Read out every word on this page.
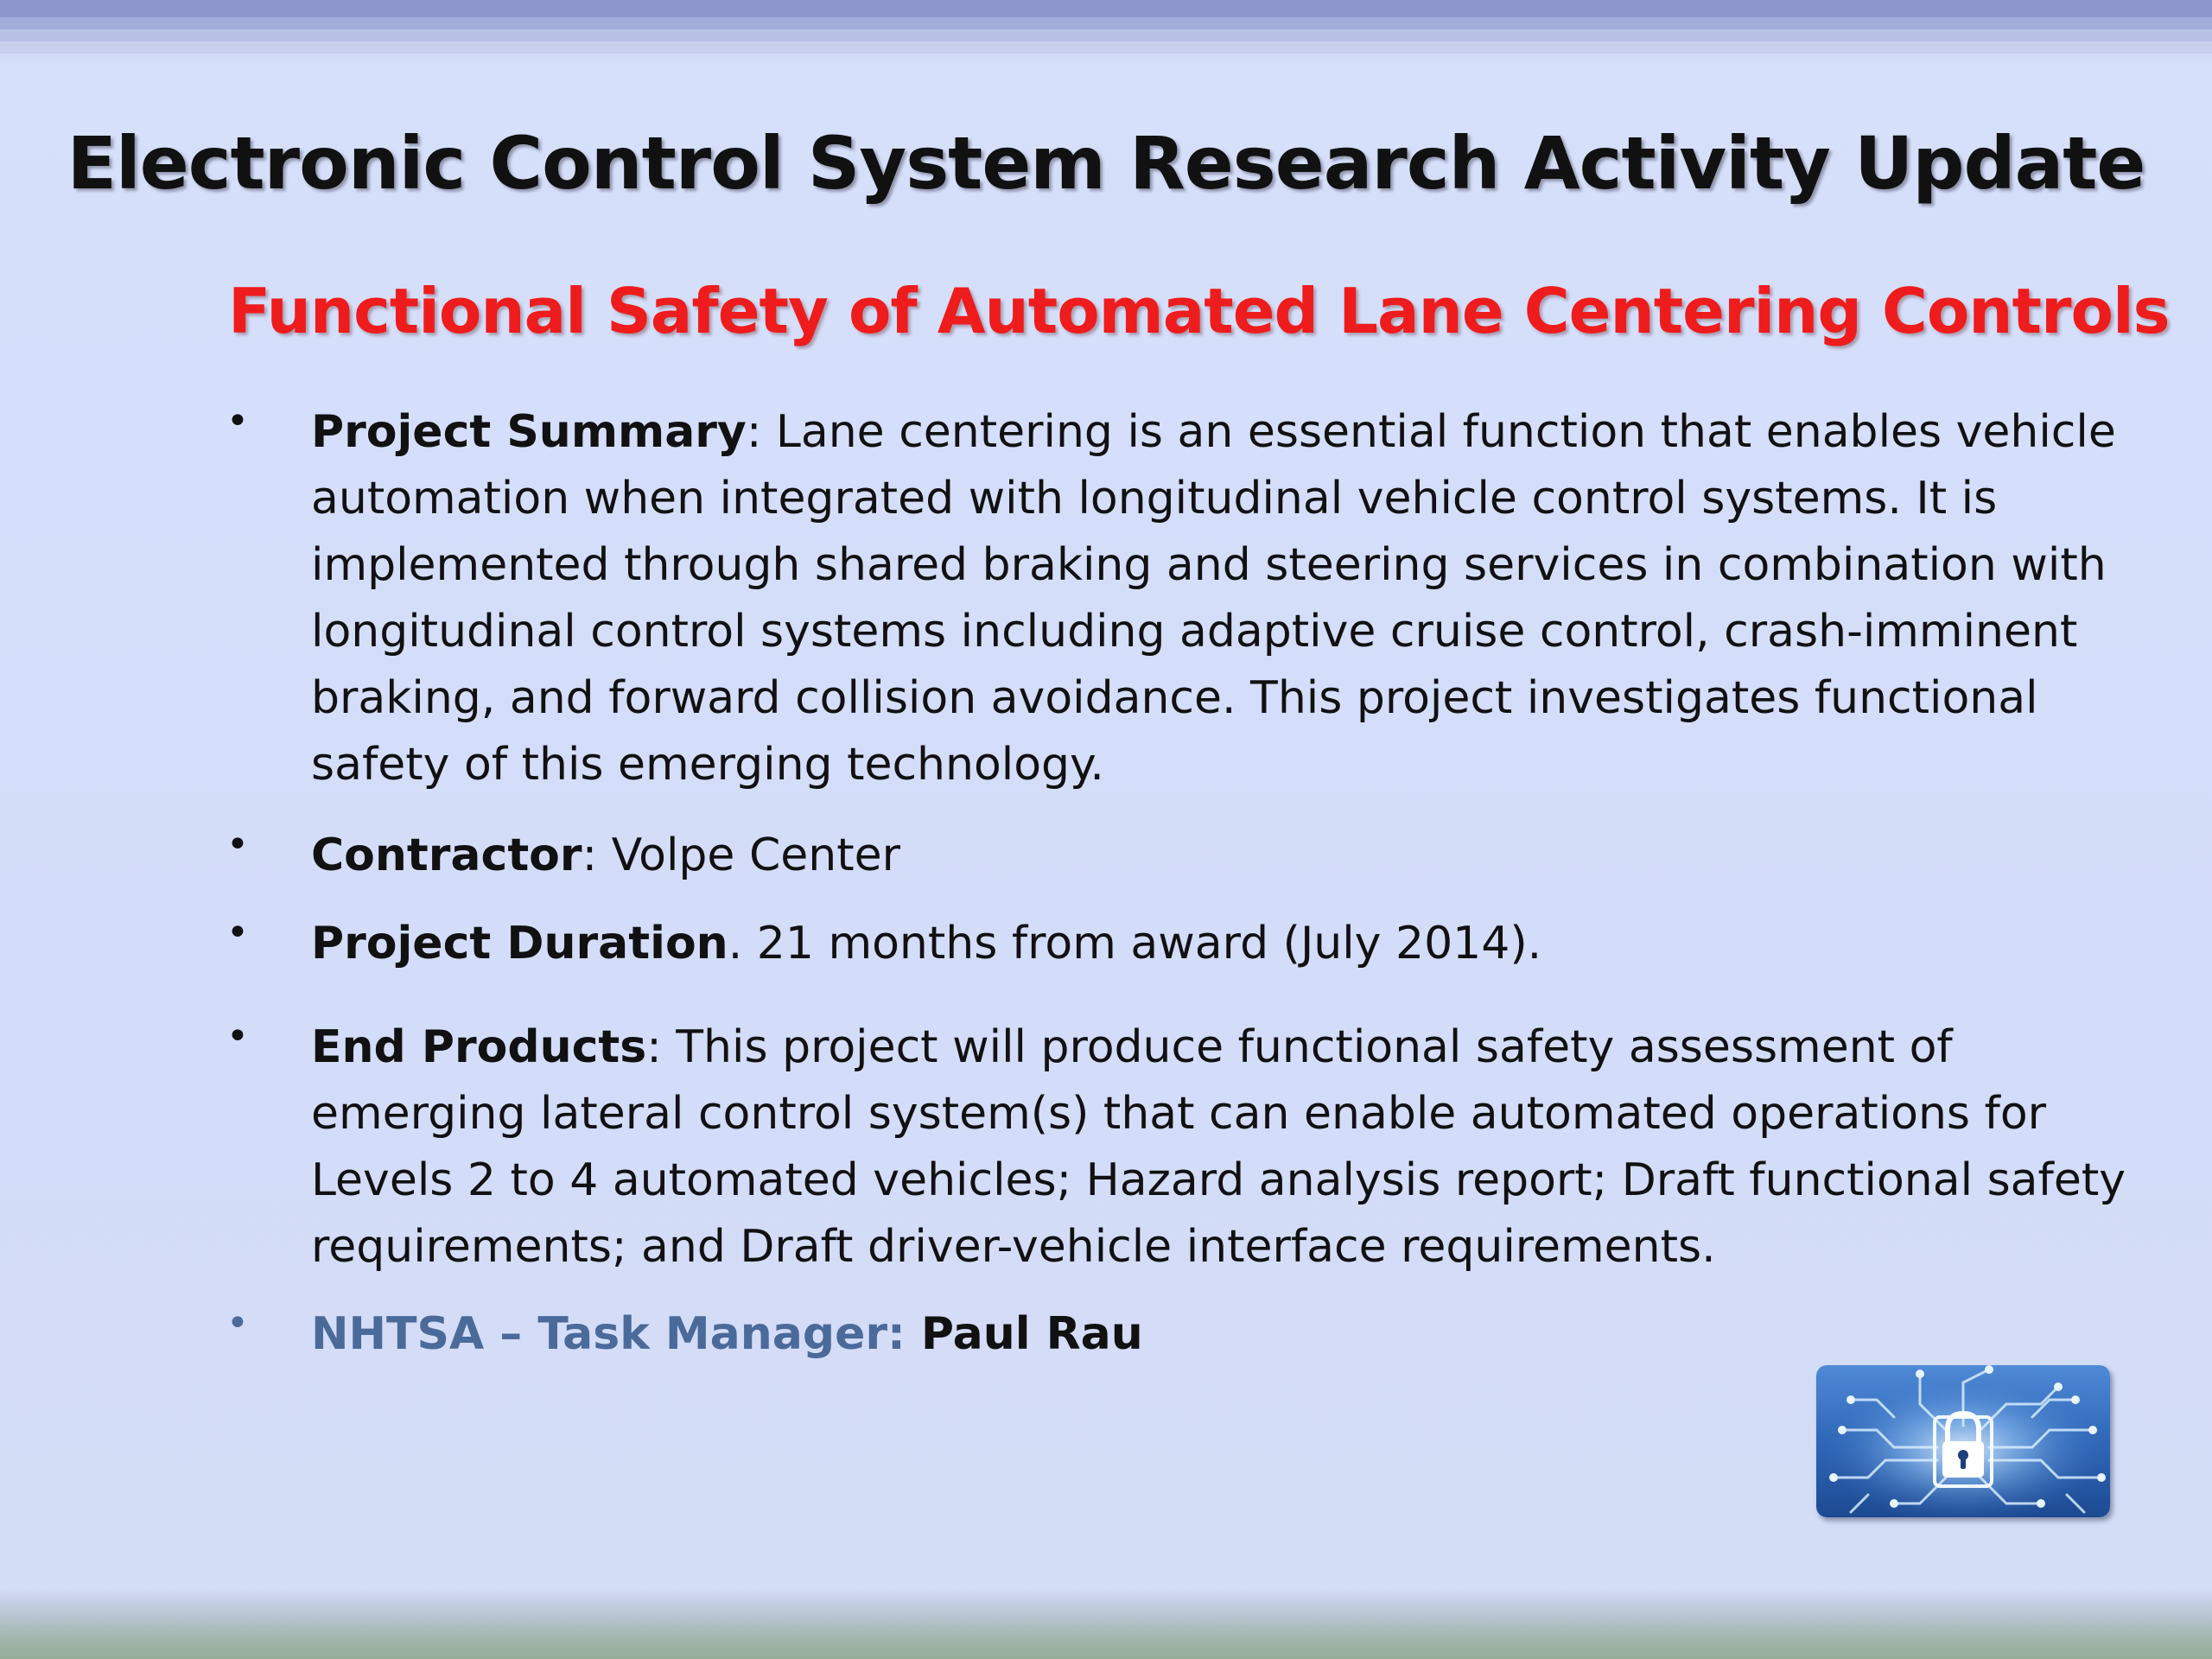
Electronic Control System Research Activity Update
Functional Safety of Automated Lane Centering Controls
• Project Summary: Lane centering is an essential function that enables vehicle automation when integrated with longitudinal vehicle control systems. It is implemented through shared braking and steering services in combination with longitudinal control systems including adaptive cruise control, crash-imminent braking, and forward collision avoidance. This project investigates functional safety of this emerging technology.
• Contractor: Volpe Center
• Project Duration. 21 months from award (July 2014).
• End Products: This project will produce functional safety assessment of emerging lateral control system(s) that can enable automated operations for Levels 2 to 4 automated vehicles; Hazard analysis report; Draft functional safety requirements; and Draft driver-vehicle interface requirements.
• NHTSA – Task Manager: Paul Rau
